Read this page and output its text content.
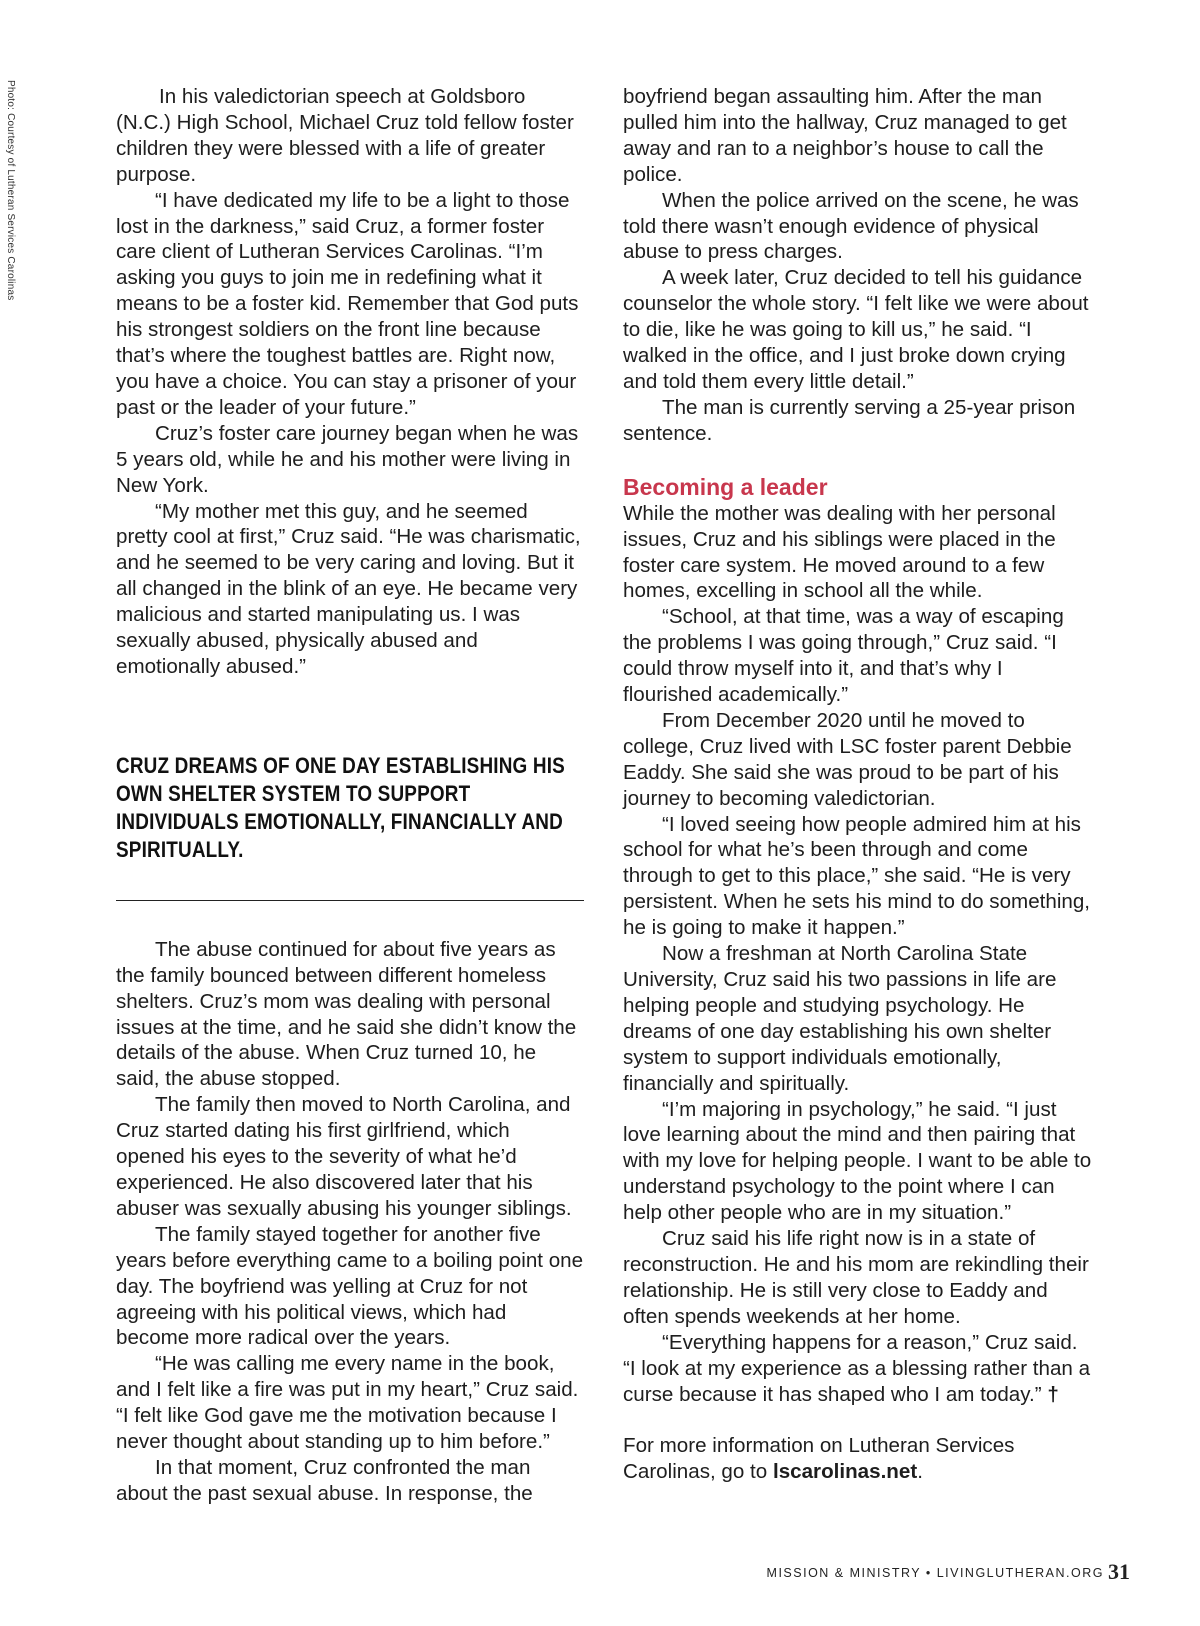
Photo: Courtesy of Lutheran Services Carolinas	In his valedictorian speech at Goldsboro (N.C.) High School, Michael Cruz told fellow foster children they were blessed with a life of greater purpose.

“I have dedicated my life to be a light to those lost in the darkness,” said Cruz, a former foster care client of Lutheran Services Carolinas. “I’m asking you guys to join me in redefining what it means to be a foster kid. Remember that God puts his strongest soldiers on the front line because that’s where the toughest battles are. Right now, you have a choice. You can stay a prisoner of your past or the leader of your future.”

Cruz’s foster care journey began when he was 5 years old, while he and his mother were living in New York.

“My mother met this guy, and he seemed pretty cool at first,” Cruz said. “He was charismatic, and he seemed to be very caring and loving. But it all changed in the blink of an eye. He became very malicious and started manipulating us. I was sexually abused, physically abused and emotionally abused.”

CRUZ DREAMS OF ONE DAY ESTABLISHING HIS OWN SHELTER SYSTEM TO SUPPORT INDIVIDUALS EMOTIONALLY, FINANCIALLY AND SPIRITUALLY.

The abuse continued for about five years as the family bounced between different homeless shelters. Cruz’s mom was dealing with personal issues at the time, and he said she didn’t know the details of the abuse. When Cruz turned 10, he said, the abuse stopped.

The family then moved to North Carolina, and Cruz started dating his first girlfriend, which opened his eyes to the severity of what he’d experienced. He also discovered later that his abuser was sexually abusing his younger siblings.

The family stayed together for another five years before everything came to a boiling point one day. The boyfriend was yelling at Cruz for not agreeing with his political views, which had become more radical over the years.

“He was calling me every name in the book, and I felt like a fire was put in my heart,” Cruz said. “I felt like God gave me the motivation because I never thought about standing up to him before.”

In that moment, Cruz confronted the man about the past sexual abuse. In response, the

boyfriend began assaulting him. After the man pulled him into the hallway, Cruz managed to get away and ran to a neighbor’s house to call the police.

When the police arrived on the scene, he was told there wasn’t enough evidence of physical abuse to press charges.

A week later, Cruz decided to tell his guidance counselor the whole story. “I felt like we were about to die, like he was going to kill us,” he said. “I walked in the office, and I just broke down crying and told them every little detail.”

The man is currently serving a 25-year prison sentence.

Becoming a leader

While the mother was dealing with her personal issues, Cruz and his siblings were placed in the foster care system. He moved around to a few homes, excelling in school all the while.

“School, at that time, was a way of escaping the problems I was going through,” Cruz said. “I could throw myself into it, and that’s why I flourished academically.”

From December 2020 until he moved to college, Cruz lived with LSC foster parent Debbie Eaddy. She said she was proud to be part of his journey to becoming valedictorian.

“I loved seeing how people admired him at his school for what he’s been through and come through to get to this place,” she said. “He is very persistent. When he sets his mind to do something, he is going to make it happen.”

Now a freshman at North Carolina State University, Cruz said his two passions in life are helping people and studying psychology. He dreams of one day establishing his own shelter system to support individuals emotionally, financially and spiritually.

“I’m majoring in psychology,” he said. “I just love learning about the mind and then pairing that with my love for helping people. I want to be able to understand psychology to the point where I can help other people who are in my situation.”

Cruz said his life right now is in a state of reconstruction. He and his mom are rekindling their relationship. He is still very close to Eaddy and often spends weekends at her home.

“Everything happens for a reason,” Cruz said. “I look at my experience as a blessing rather than a curse because it has shaped who I am today.” †

For more information on Lutheran Services Carolinas, go to lscarolinas.net.

MISSION & MINISTRY • LIVINGLUTHERAN.ORG 31
